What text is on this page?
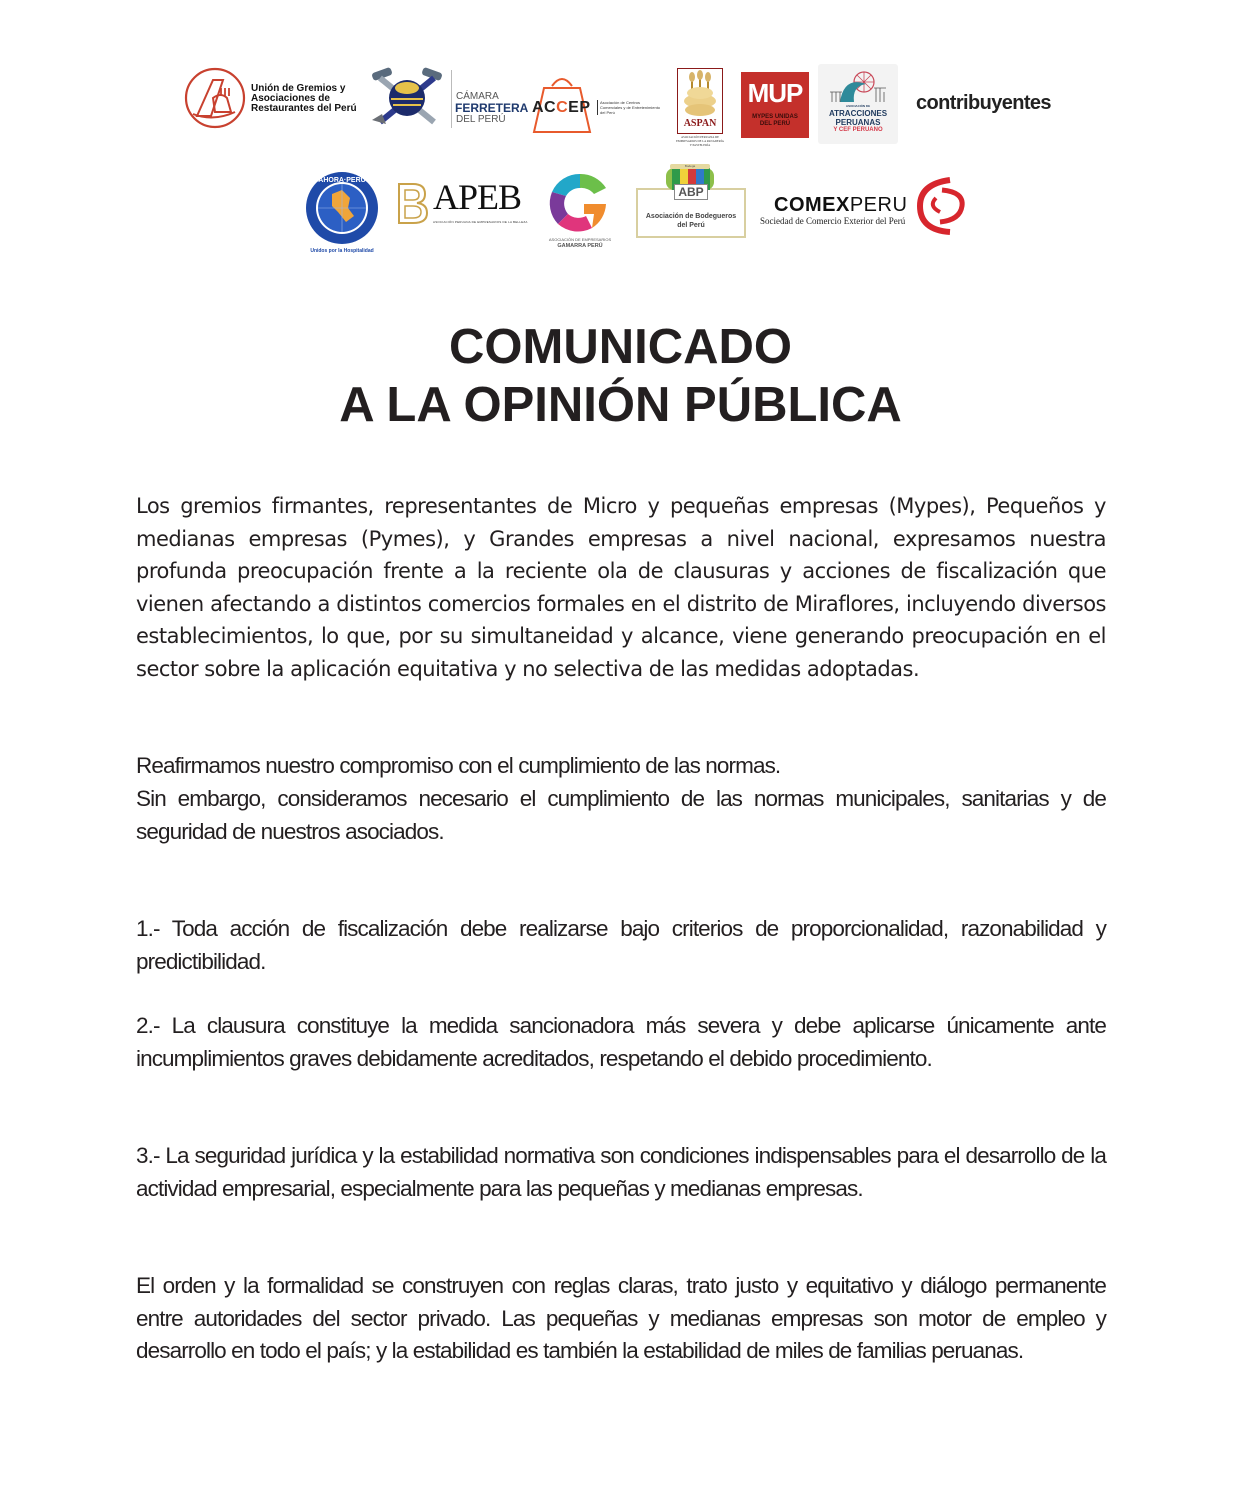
Unión de Gremios y
Asociaciones de
Restaurantes del Perú
CÁMARA
FERRETERA
DEL PERÚ
ACCEP	Asociación de Centros Comerciales y de Entretenimiento del Perú
ASPAN
ASOCIACIÓN PERUANA DE EMPRESARIOS DE LA PANADERÍA Y PASTELERÍA
MUP
MYPES UNIDAS
DEL PERÚ
ASOCIACIÓN DE
ATRACCIONES
PERUANAS
Y CEF PERUANO
contribuyentes
AHORA·PERU
Unidos por la Hospitalidad
APEB
ASOCIACIÓN PERUANA DE EMPRESARIOS DE LA BELLEZA
ASOCIACIÓN DE EMPRESARIOS
GAMARRA PERÚ
Bodega
ABP
Asociación de Bodegueros
del Perú
COMEXPERU
Sociedad de Comercio Exterior del Perú
COMUNICADO
A LA OPINIÓN PÚBLICA

Los gremios firmantes, representantes de Micro y pequeñas empresas (Mypes), Pequeños y medianas empresas (Pymes), y Grandes empresas a nivel nacional, expresamos nuestra profunda preocupación frente a la reciente ola de clausuras y acciones de fiscalización que vienen afectando a distintos comercios formales en el distrito de Miraflores, incluyendo diversos establecimientos, lo que, por su simultaneidad y alcance, viene generando preocupación en el sector sobre la aplicación equitativa y no selectiva de las medidas adoptadas.

Reafirmamos nuestro compromiso con el cumplimiento de las normas.

Sin embargo, consideramos necesario el cumplimiento de las normas municipales, sanitarias y de seguridad de nuestros asociados.

1.- Toda acción de fiscalización debe realizarse bajo criterios de proporcionalidad, razonabilidad y predictibilidad.

2.- La clausura constituye la medida sancionadora más severa y debe aplicarse únicamente ante incumplimientos graves debidamente acreditados, respetando el debido procedimiento.

3.- La seguridad jurídica y la estabilidad normativa son condiciones indispensables para el desarrollo de la actividad empresarial, especialmente para las pequeñas y medianas empresas.

El orden y la formalidad se construyen con reglas claras, trato justo y equitativo y diálogo permanente entre autoridades del sector privado. Las pequeñas y medianas empresas son motor de empleo y desarrollo en todo el país; y la estabilidad es también la estabilidad de miles de familias peruanas.
